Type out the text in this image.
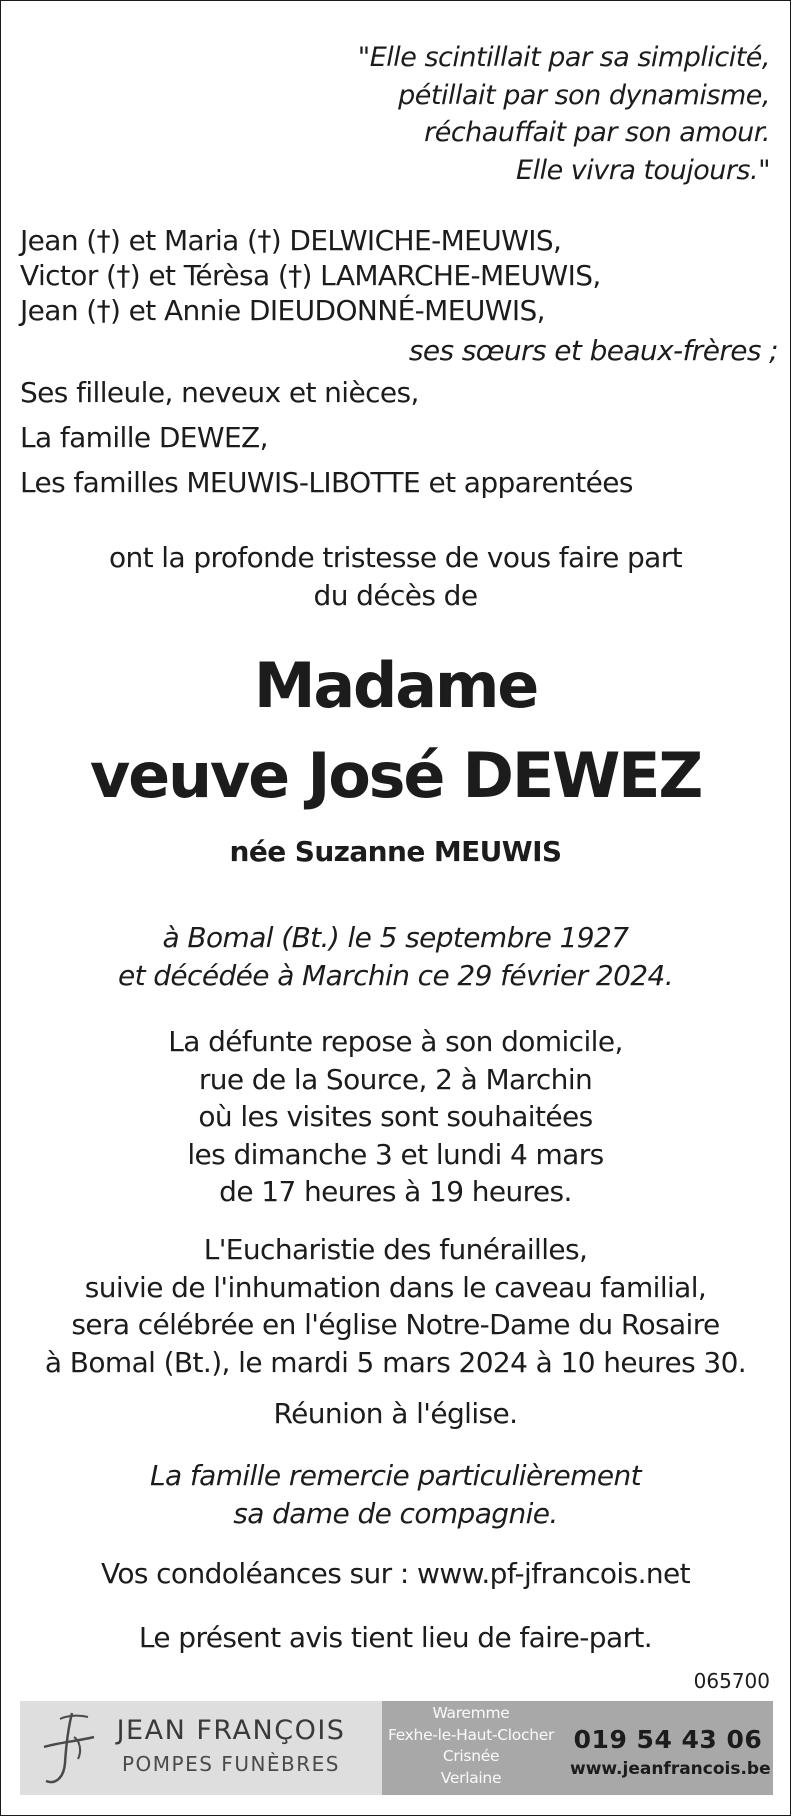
"Elle scintillait par sa simplicité,
pétillait par son dynamisme,
réchauffait par son amour.
Elle vivra toujours."
Jean (†) et Maria (†) DELWICHE-MEUWIS,
Victor (†) et Térèsa (†) LAMARCHE-MEUWIS,
Jean (†) et Annie DIEUDONNÉ-MEUWIS,
ses sœurs et beaux-frères ;
Ses filleule, neveux et nièces,
La famille DEWEZ,
Les familles MEUWIS-LIBOTTE et apparentées
ont la profonde tristesse de vous faire part
du décès de
Madame
veuve José DEWEZ
née Suzanne MEUWIS
à Bomal (Bt.) le 5 septembre 1927
et décédée à Marchin ce 29 février 2024.
La défunte repose à son domicile,
rue de la Source, 2 à Marchin
où les visites sont souhaitées
les dimanche 3 et lundi 4 mars
de 17 heures à 19 heures.
L'Eucharistie des funérailles,
suivie de l'inhumation dans le caveau familial,
sera célébrée en l'église Notre-Dame du Rosaire
à Bomal (Bt.), le mardi 5 mars 2024 à 10 heures 30.
Réunion à l'église.
La famille remercie particulièrement
sa dame de compagnie.
Vos condoléances sur : www.pf-jfrancois.net
Le présent avis tient lieu de faire-part.
065700
JEAN FRANÇOIS
POMPES FUNÈBRES
Waremme
Fexhe-le-Haut-Clocher
Crisnée
Verlaine
019 54 43 06
www.jeanfrancois.be
